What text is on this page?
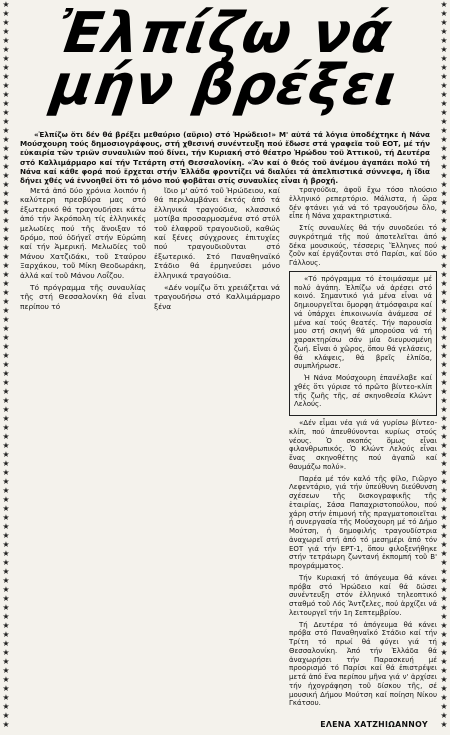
★
★
★
★
★
★
★
★
★
★
★
★
★
★
★
★
★
★
★
★
★
★
★
★
★
★
★
★
★
★
★
★
★
★
★
★
★
★
★
★
★
★
★
★
★
★
★
★
★
★
★
★
★
★
★
★
★
★
★
★
★
★
★
★
★
★
★
★
★
★
★
★
★
★
★
★
★
★
★
★
★
★
★
★
★
★
★
★
★
★
★
★
★
★
★
★
★
★
★
★
★
★
★
★
★
★
★
★
★
★
★
★
★
★
★
★
★
★
★
★
★
★
★
★
★
★
★
★
★
★
★
★
★
★
★
★
★
★
★
★
★
★
★
★
★
★
★
★
★
★
★
★
★
★
★
★
★
★
★
★
★
★
Ἐλπίζω νά
μήν βρέξει
«Ἐλπίζω ὅτι δέν θά βρέξει μεθαύριο (αὔριο) στό Ἡρώδειο!» Μ' αὐτά τά λόγια ὑποδέχτηκε ἡ Νάνα Μούσχουρη τούς δημοσιογράφους, στή χθεσινή συνέντευξη πού ἔδωσε στά γραφεῖα τοῦ ΕΟΤ, μέ τήν εὐκαιρία τῶν τριῶν συναυλιῶν πού δίνει, τήν Κυριακή στό θέατρο Ἡρώδου τοῦ Ἀττικοῦ, τή Δευτέρα στό Καλλιμάρμαρο καί τήν Τετάρτη στή Θεσσαλονίκη. «Ἄν καί ὁ θεός τοῦ ἀνέμου ἀγαπάει πολύ τή Νάνα καί κάθε φορά πού ἔρχεται στήν Ἑλλάδα φροντίζει νά διαλύει τά ἀπελπιστικά σύννεφα, ἡ ἴδια δήνει χθές νά ἐννοηθεῖ ὅτι τό μόνο πού φοβᾶται στίς συναυλίες εἶναι ἡ βροχή.

Μετά ἀπό δύο χρόνια λοιπόν ἡ καλύτερη πρεσβύρα μας στό ἐξωτερικό θά τραγουδήσει κάτω ἀπό τήν Ἀκρόπολη τίς ἑλληνικές μελωδίες πού τῆς ἄνοιξαν τό δρόμο, πού ὁδήγεῖ στήν Εὐρώπη καί τήν Ἀμερική. Μελωδίες τοῦ Μάνου Χατζιδάκι, τοῦ Σταύρου Ξαρχάκου, τοῦ Μίκη Θεοδωράκη, ἀλλά καί τοῦ Μάνου Λοΐζου.

Τό πρόγραμμα τῆς συναυλίας τῆς στή Θεσσαλονίκη θά εἶναι περίπου τό

ἴδιο μ' αὐτό τοῦ Ἡρώδειου, καί θά περιλαμβάνει ἐκτός ἀπό τά ἑλληνικά τραγούδια, κλασσικό μοτίβα προσαρμοσμένα στό στύλ τοῦ ἐλαφροῦ τραγουδιοῦ, καθώς καί ξένες σύγχρονες ἐπιτυχίες πού τραγουδιοῦνται στό ἐξωτερικό. Στό Παναθηναϊκό Στάδιο θά ἐρμηνεύσει μόνο ἑλληνικά τραγούδια.

«Δέν νομίζω ὅτι χρειάζεται νά τραγουδήσω στό Καλλιμάρμαρο ξένα

τραγούδια, ἀφοῦ ἔχω τόσο πλούσιο ἑλληνικό ρεπερτόριο. Μάλιστα, ἡ ὥρα δέν φτάνει γιά νά τό τραγουδήσω ὅλο, εἶπε ἡ Νάνα χαρακτηριστικά.

Στίς συναυλίες θά τήν συνοδεύει τό συγκρότημά τῆς πού ἀποτελεῖται ἀπό δέκα μουσικούς, τέσσερις Ἕλληνες πού ζοῦν καί ἐργάζονται στό Παρίσι, καί δύο Γάλλους.

«Τό πρόγραμμα τό ἑτοιμάσαμε μέ πολύ ἀγάπη. Ἐλπίζω νά ἀρέσει στό κοινό. Σημαντικό γιά μένα εἶναι νά δημιουργεῖται ὄμορφη ἀτμόσφαιρα καί νά ὑπάρχει ἐπικοινωνία ἀνάμεσα σέ μένα καί τούς θεατές. Τήν παρουσία μου στή σκηνή θά μπορούσα νά τή χαρακτηρίσω σάν μία διευρυσμένη ζωή. Εἶναι ὁ χῶρος, ὅπου θά γελάσεις, θά κλάψεις, θά βρεῖς ἐλπίδα, συμπλήρωσε.

Ἡ Νάνα Μούσχουρη ἐπανέλαβε καί χθές ὅτι γύρισε τό πρῶτο βίντεο-κλίπ τῆς ζωῆς τῆς, σέ σκηνοθεσία Κλώντ Λελούς.

«Δέν εἶμαι νέα γιά νά γυρίσω βίντεο-κλίπ, πού ἀπευθύνονται κυρίως στούς νέους. Ὁ σκοπός ὅμως εἶναι φιλανθρωπικός. Ὁ Κλώντ Λελούς εἶναι ἕνας σκηνοθέτης πού ἀγαπῶ καί θαυμάζω πολύ».

Παρέα μέ τόν καλό τῆς φίλο, Γιῶργο Λεφεντάριο, γιά τήν ὑπεύθυνη διεύθυνση σχέσεων τῆς δισκογραφικῆς τῆς ἑταιρίας, Σάσα Παπαχριστοπούλου, πού χάρη στήν ἐπιμονή τῆς πραγματοποιεῖται ἡ συνεργασία τῆς Μούσχουρη μέ τό Δήμο Μούτση, ἡ δημοφιλής τραγουδίστρια ἀναχωρεῖ στή ἀπό τό μεσημέρι ἀπό τόν ΕΟΤ γιά τήν ΕΡΤ-1, ὅπου φιλοξενήθηκε στήν τετράωρη ζωντανή ἐκπομπή τοῦ Β' προγράμματος.

Τήν Κυριακή τό ἀπόγευμα θά κάνει πρόβα στό Ἡρώδειο καί θά δώσει συνέντευξη στόν ἑλληνικό τηλεοπτικό σταθμό τοῦ Λός Ἄντζελες, πού ἀρχίζει νά λειτουργεῖ τήν 1η Σεπτεμβρίου.

Τή Δευτέρα τό ἀπόγευμα θά κάνει πρόβα στό Παναθηναϊκό Στάδιο καί τήν Τρίτη τό πρωί θά φύγει γιά τή Θεσσαλονίκη. Ἀπό τήν Ἑλλάδα θά ἀναχωρήσει τήν Παρασκευή μέ προορισμό τό Παρίσι καί θά ἐπιστρέψει μετά ἀπό ἕνα περίπου μῆνα γιά ν' ἀρχίσει τήν ἠχογράφηση τοῦ δίσκου τῆς, σέ μουσική Δήμου Μούτση καί ποίηση Νίκου Γκάτσου.

ΕΛΕΝΑ ΧΑΤΖΗΙΩΑΝΝΟΥ
